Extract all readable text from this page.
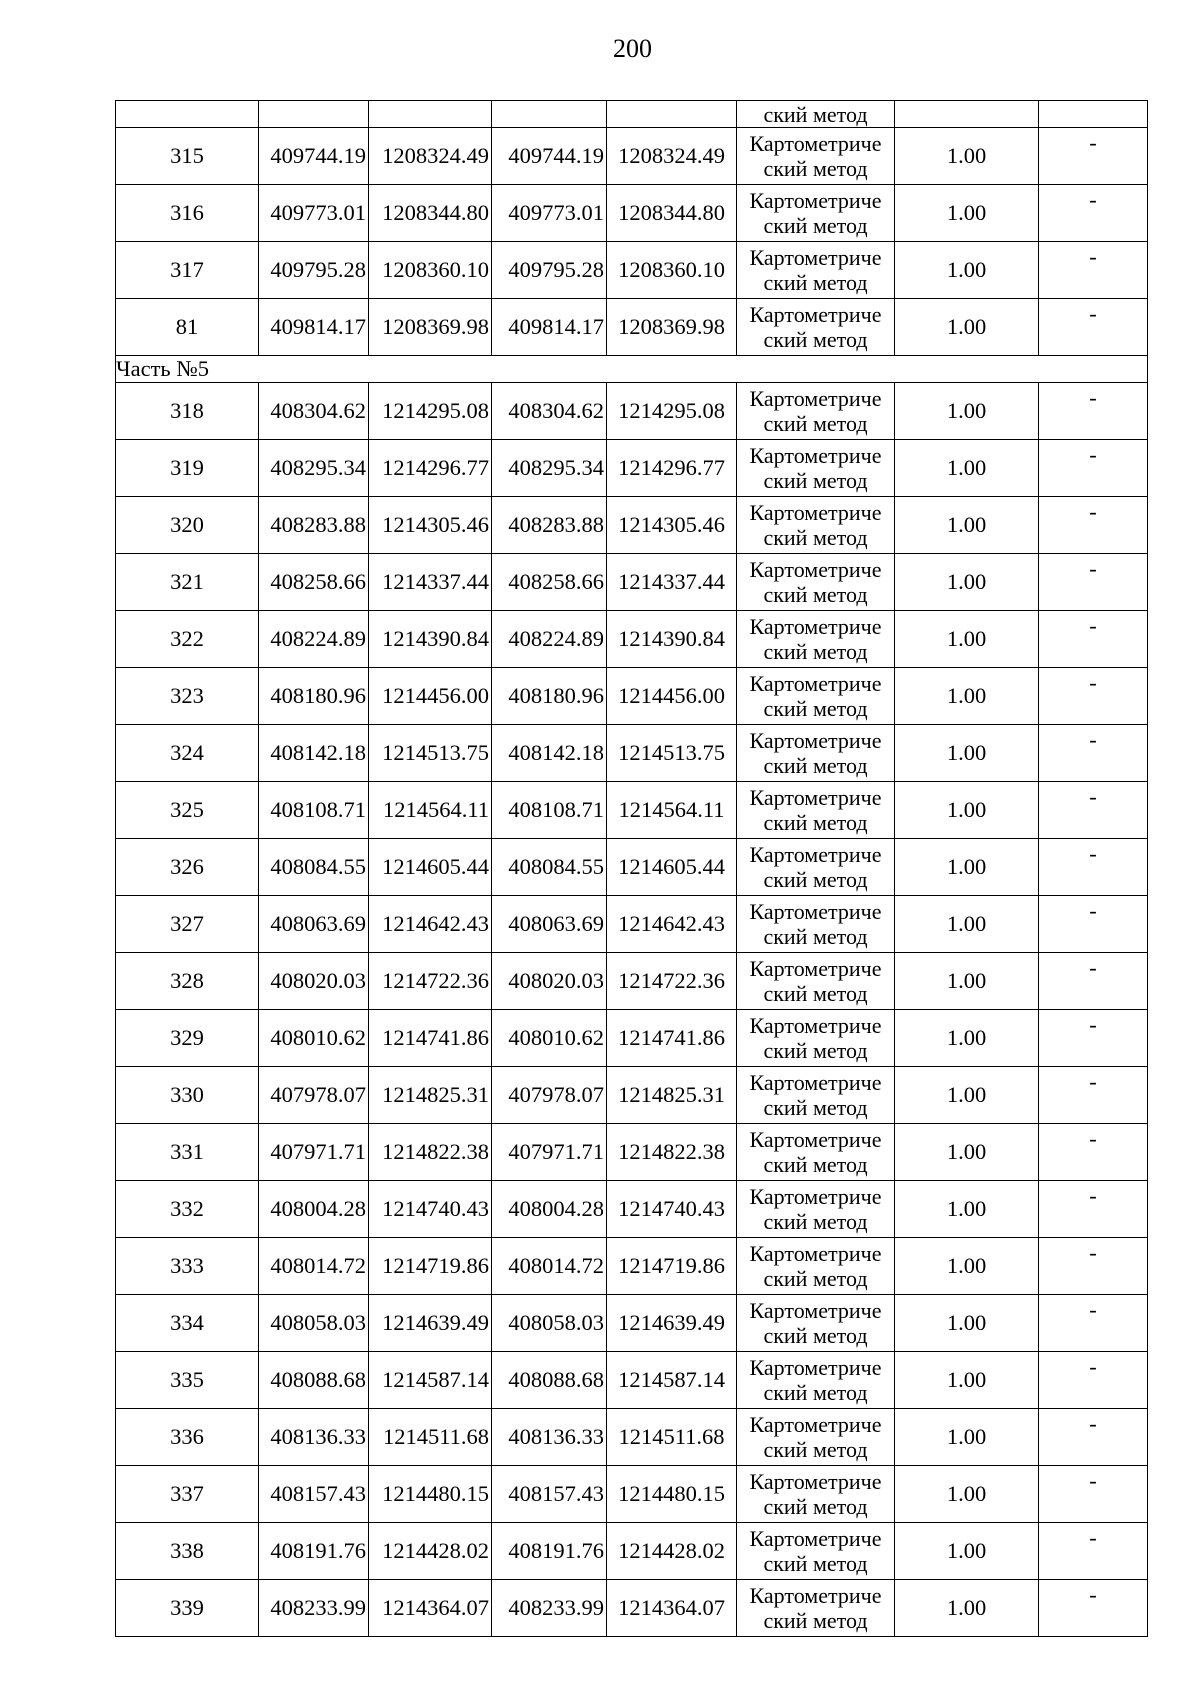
200
					ский метод		
315	409744.19	1208324.49	409744.19	1208324.49	Картометриче
ский метод	1.00	-
316	409773.01	1208344.80	409773.01	1208344.80	Картометриче
ский метод	1.00	-
317	409795.28	1208360.10	409795.28	1208360.10	Картометриче
ский метод	1.00	-
81	409814.17	1208369.98	409814.17	1208369.98	Картометриче
ский метод	1.00	-
Часть №5							
318	408304.62	1214295.08	408304.62	1214295.08	Картометриче
ский метод	1.00	-
319	408295.34	1214296.77	408295.34	1214296.77	Картометриче
ский метод	1.00	-
320	408283.88	1214305.46	408283.88	1214305.46	Картометриче
ский метод	1.00	-
321	408258.66	1214337.44	408258.66	1214337.44	Картометриче
ский метод	1.00	-
322	408224.89	1214390.84	408224.89	1214390.84	Картометриче
ский метод	1.00	-
323	408180.96	1214456.00	408180.96	1214456.00	Картометриче
ский метод	1.00	-
324	408142.18	1214513.75	408142.18	1214513.75	Картометриче
ский метод	1.00	-
325	408108.71	1214564.11	408108.71	1214564.11	Картометриче
ский метод	1.00	-
326	408084.55	1214605.44	408084.55	1214605.44	Картометриче
ский метод	1.00	-
327	408063.69	1214642.43	408063.69	1214642.43	Картометриче
ский метод	1.00	-
328	408020.03	1214722.36	408020.03	1214722.36	Картометриче
ский метод	1.00	-
329	408010.62	1214741.86	408010.62	1214741.86	Картометриче
ский метод	1.00	-
330	407978.07	1214825.31	407978.07	1214825.31	Картометриче
ский метод	1.00	-
331	407971.71	1214822.38	407971.71	1214822.38	Картометриче
ский метод	1.00	-
332	408004.28	1214740.43	408004.28	1214740.43	Картометриче
ский метод	1.00	-
333	408014.72	1214719.86	408014.72	1214719.86	Картометриче
ский метод	1.00	-
334	408058.03	1214639.49	408058.03	1214639.49	Картометриче
ский метод	1.00	-
335	408088.68	1214587.14	408088.68	1214587.14	Картометриче
ский метод	1.00	-
336	408136.33	1214511.68	408136.33	1214511.68	Картометриче
ский метод	1.00	-
337	408157.43	1214480.15	408157.43	1214480.15	Картометриче
ский метод	1.00	-
338	408191.76	1214428.02	408191.76	1214428.02	Картометриче
ский метод	1.00	-
339	408233.99	1214364.07	408233.99	1214364.07	Картометриче
ский метод	1.00	-
